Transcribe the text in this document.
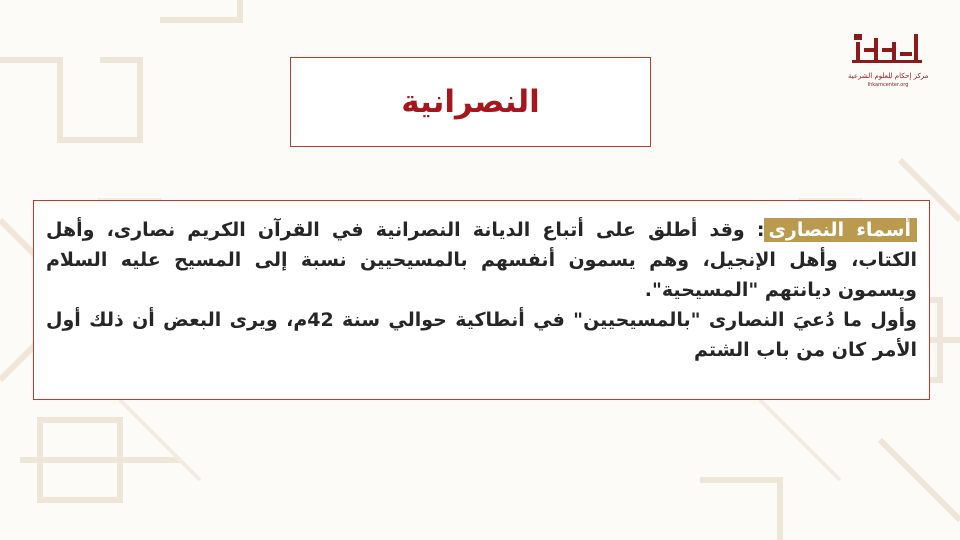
مركز إحكام للعلوم الشرعية
Ihkamcenter.org
النصرانية

أسماء النصارى: وقد أطلق على أتباع الديانة النصرانية في القرآن الكريم نصارى، وأهل الكتاب، وأهل الإنجيل، وهم يسمون أنفسهم بالمسيحيين نسبة إلى المسيح عليه السلام ويسمون ديانتهم "المسيحية".

وأول ما دُعيَ النصارى "بالمسيحيين" في أنطاكية حوالي سنة 42م، ويرى البعض أن ذلك أول الأمر كان من باب الشتم
